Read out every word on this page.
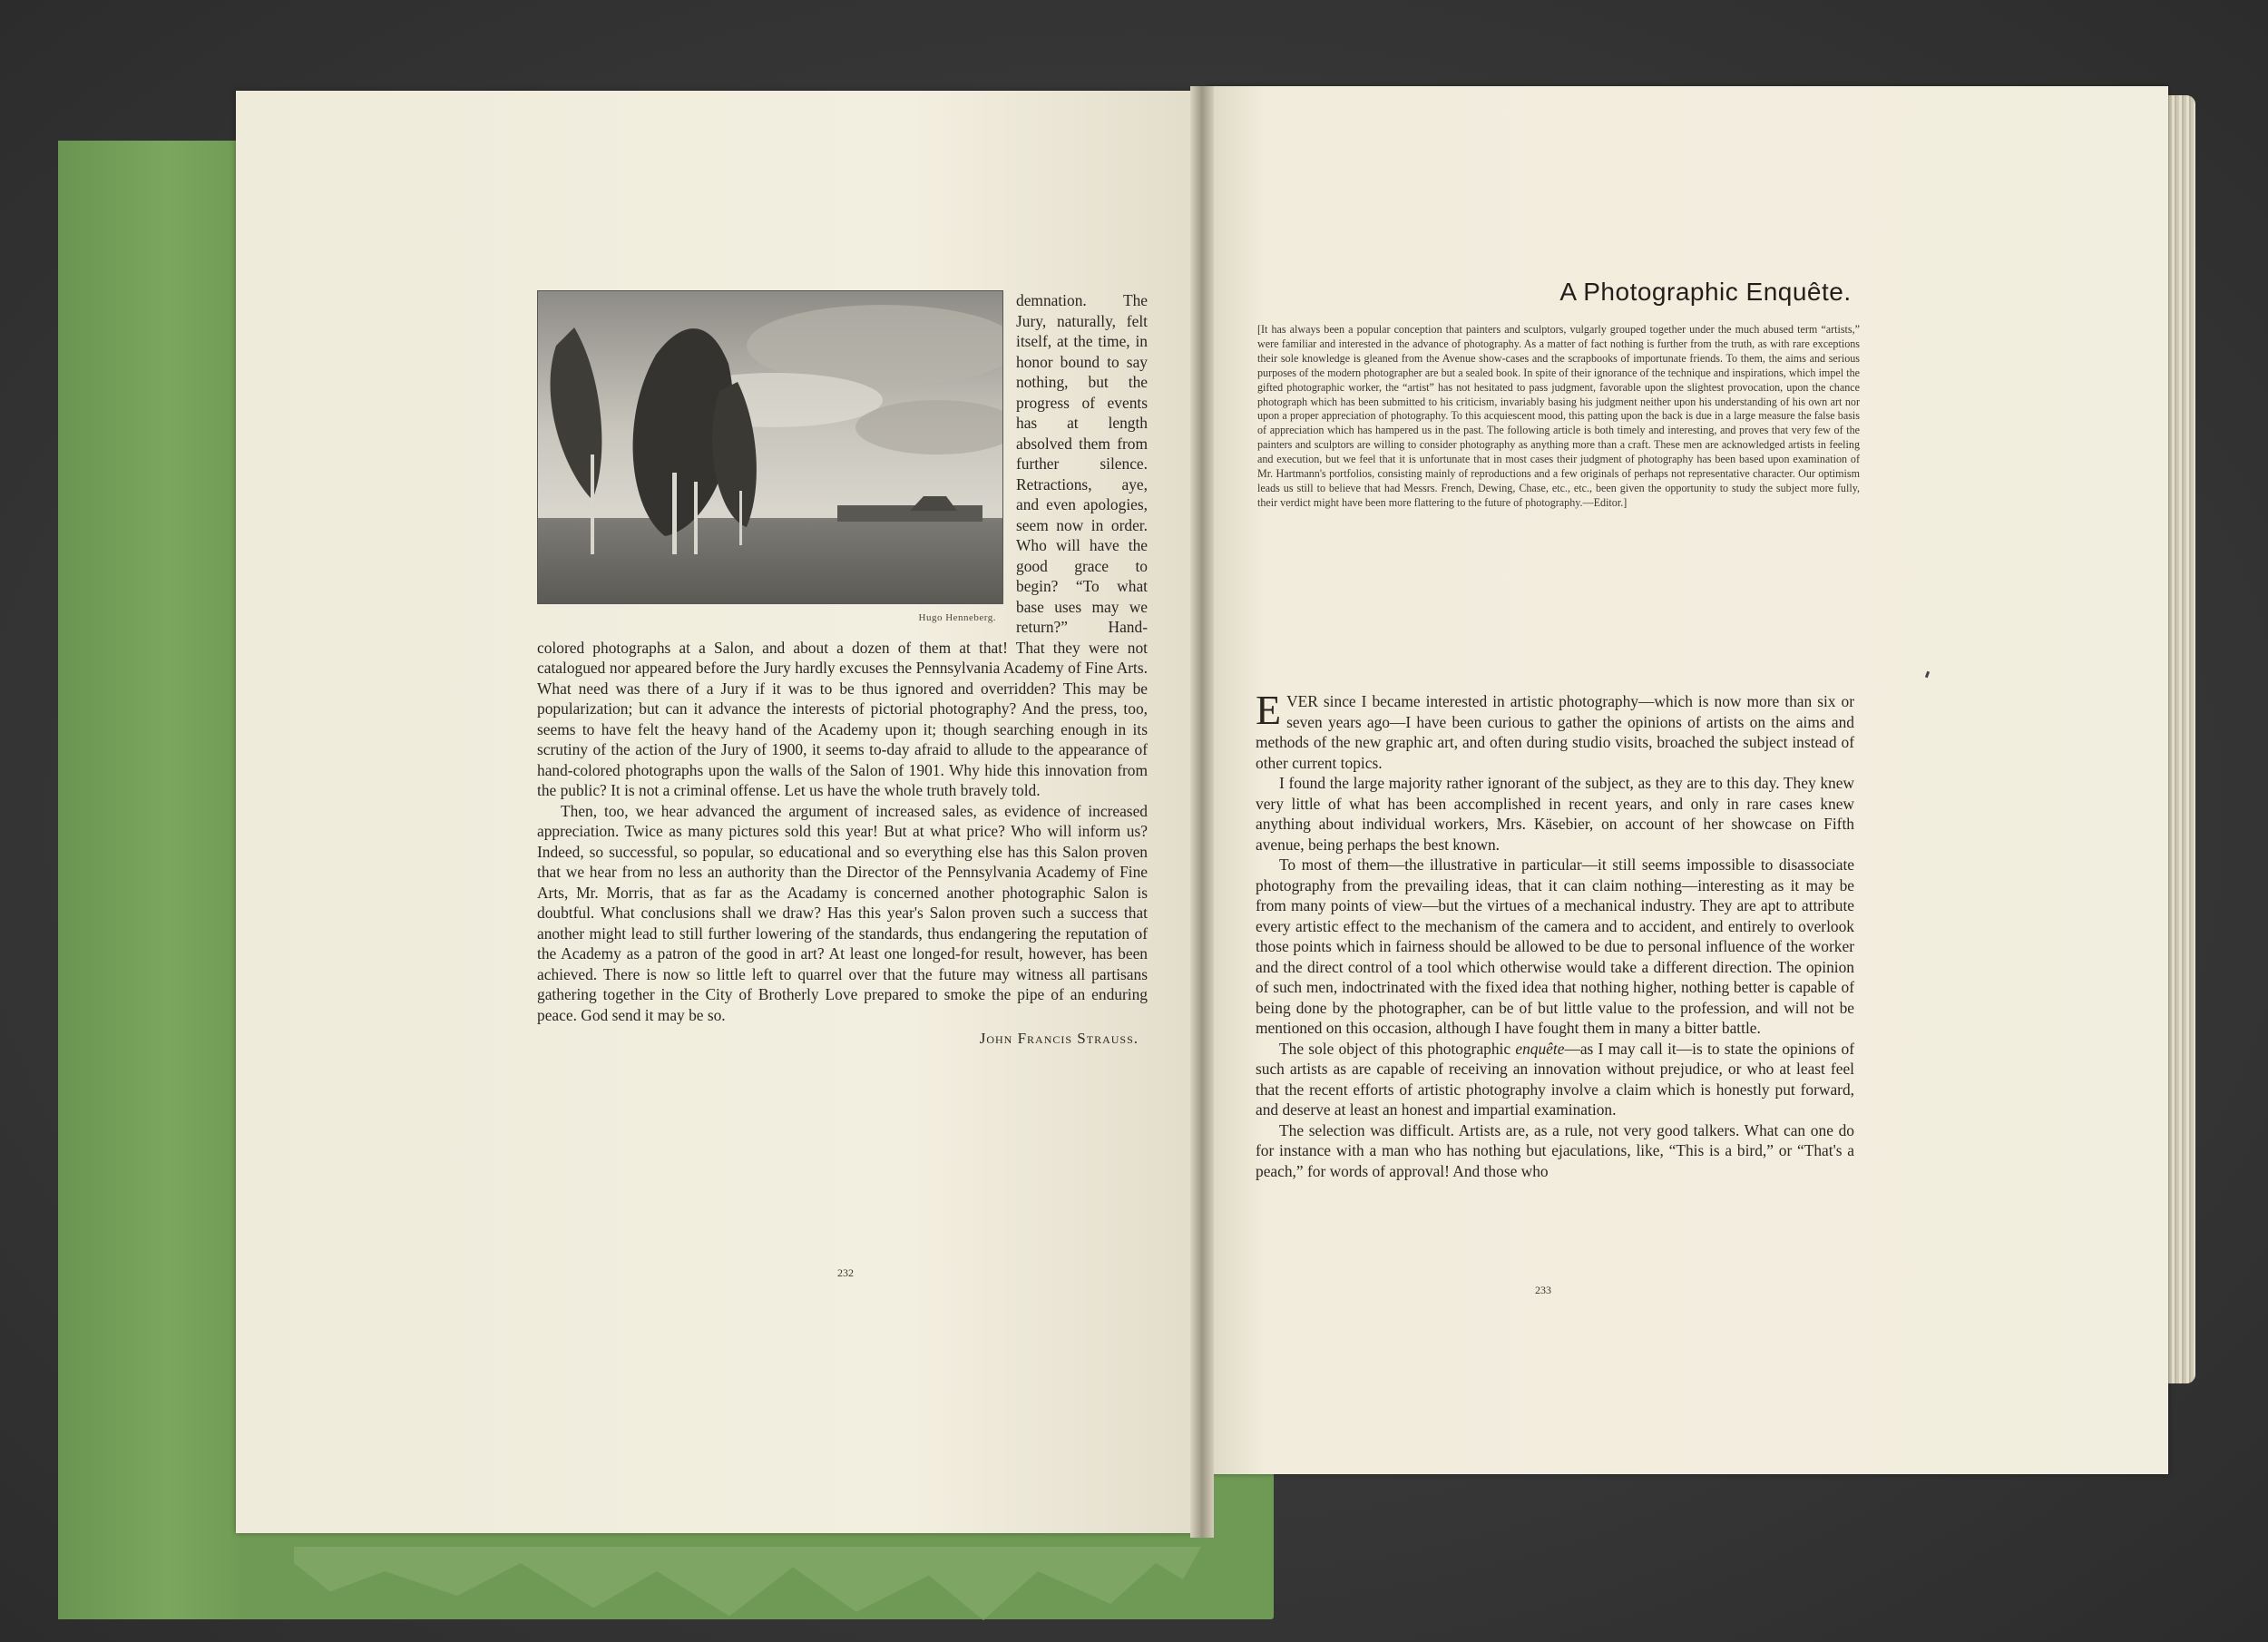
Hugo Henneberg.

demnation. The Jury, naturally, felt itself, at the time, in honor bound to say nothing, but the progress of events has at length absolved them from further silence. Retractions, aye, and even apologies, seem now in order. Who will have the good grace to begin? “To what base uses may we return?” Hand-colored photographs at a Salon, and about a dozen of them at that! That they were not catalogued nor appeared before the Jury hardly excuses the Pennsylvania Academy of Fine Arts. What need was there of a Jury if it was to be thus ignored and overridden? This may be popularization; but can it advance the interests of pictorial photography? And the press, too, seems to have felt the heavy hand of the Academy upon it; though searching enough in its scrutiny of the action of the Jury of 1900, it seems to-day afraid to allude to the appearance of hand-colored photographs upon the walls of the Salon of 1901. Why hide this innovation from the public? It is not a criminal offense. Let us have the whole truth bravely told.

Then, too, we hear advanced the argument of increased sales, as evidence of increased appreciation. Twice as many pictures sold this year! But at what price? Who will inform us? Indeed, so successful, so popular, so educational and so everything else has this Salon proven that we hear from no less an authority than the Director of the Pennsylvania Academy of Fine Arts, Mr. Morris, that as far as the Acadamy is concerned another photographic Salon is doubtful. What conclusions shall we draw? Has this year's Salon proven such a success that another might lead to still further lowering of the standards, thus endangering the reputation of the Academy as a patron of the good in art? At least one longed-for result, however, has been achieved. There is now so little left to quarrel over that the future may witness all partisans gathering together in the City of Brotherly Love prepared to smoke the pipe of an enduring peace. God send it may be so.

John Francis Strauss.
232
A Photographic Enquête.
[It has always been a popular conception that painters and sculptors, vulgarly grouped together under the much abused term “artists,” were familiar and interested in the advance of photography. As a matter of fact nothing is further from the truth, as with rare exceptions their sole knowledge is gleaned from the Avenue show-cases and the scrapbooks of importunate friends. To them, the aims and serious purposes of the modern photographer are but a sealed book. In spite of their ignorance of the technique and inspirations, which impel the gifted photographic worker, the “artist” has not hesitated to pass judgment, favorable upon the slightest provocation, upon the chance photograph which has been submitted to his criticism, invariably basing his judgment neither upon his understanding of his own art nor upon a proper appreciation of photography. To this acquiescent mood, this patting upon the back is due in a large measure the false basis of appreciation which has hampered us in the past. The following article is both timely and interesting, and proves that very few of the painters and sculptors are willing to consider photography as anything more than a craft. These men are acknowledged artists in feeling and execution, but we feel that it is unfortunate that in most cases their judgment of photography has been based upon examination of Mr. Hartmann's portfolios, consisting mainly of reproductions and a few originals of perhaps not representative character. Our optimism leads us still to believe that had Messrs. French, Dewing, Chase, etc., etc., been given the opportunity to study the subject more fully, their verdict might have been more flattering to the future of photography.—Editor.]

EVER since I became interested in artistic photography—which is now more than six or seven years ago—I have been curious to gather the opinions of artists on the aims and methods of the new graphic art, and often during studio visits, broached the subject instead of other current topics.

I found the large majority rather ignorant of the subject, as they are to this day. They knew very little of what has been accomplished in recent years, and only in rare cases knew anything about individual workers, Mrs. Käsebier, on account of her showcase on Fifth avenue, being perhaps the best known.

To most of them—the illustrative in particular—it still seems impossible to disassociate photography from the prevailing ideas, that it can claim nothing—interesting as it may be from many points of view—but the virtues of a mechanical industry. They are apt to attribute every artistic effect to the mechanism of the camera and to accident, and entirely to overlook those points which in fairness should be allowed to be due to personal influence of the worker and the direct control of a tool which otherwise would take a different direction. The opinion of such men, indoctrinated with the fixed idea that nothing higher, nothing better is capable of being done by the photographer, can be of but little value to the profession, and will not be mentioned on this occasion, although I have fought them in many a bitter battle.

The sole object of this photographic enquête—as I may call it—is to state the opinions of such artists as are capable of receiving an innovation without prejudice, or who at least feel that the recent efforts of artistic photography involve a claim which is honestly put forward, and deserve at least an honest and impartial examination.

The selection was difficult. Artists are, as a rule, not very good talkers. What can one do for instance with a man who has nothing but ejaculations, like, “This is a bird,” or “That's a peach,” for words of approval! And those who

233
